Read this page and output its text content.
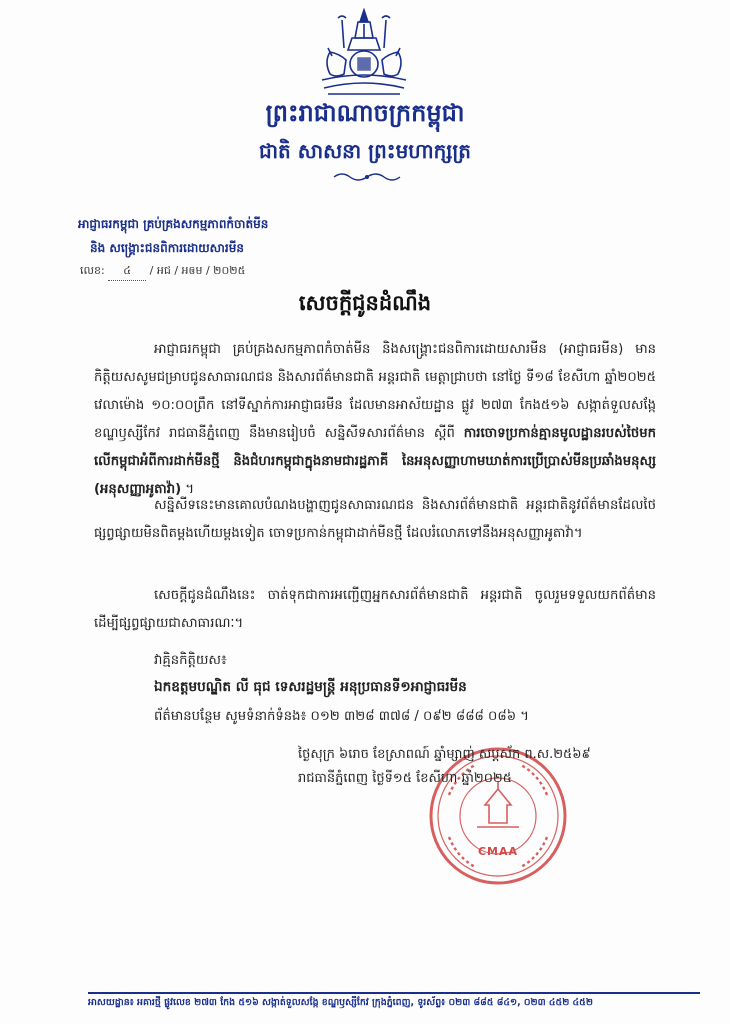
ព្រះរាជាណាចក្រកម្ពុជា
ជាតិ សាសនា ព្រះមហាក្សត្រ
អាជ្ញាធរកម្ពុជា គ្រប់គ្រងសកម្មភាពកំចាត់មីន
និង សង្គ្រោះជនពិការដោយសារមីន
លេខ: ៤ / អជ / អឲម / ២០២៥
សេចក្តីជូនដំណឹង
អាជ្ញាធរកម្ពុជា គ្រប់គ្រងសកម្មភាពកំចាត់មីន និងសង្គ្រោះជនពិការដោយសារមីន (អាជ្ញាធរមីន) មានកិត្តិយសសូមជម្រាបជូនសាធារណជន និងសារព័ត៌មានជាតិ អន្តរជាតិ មេត្តាជ្រាបថា នៅថ្ងៃ ទី១៨ ខែសីហា ឆ្នាំ២០២៥ វេលាម៉ោង ១០:០០ព្រឹក នៅទីស្នាក់ការអាជ្ញាធរមីន ដែលមានអាស័យដ្ឋាន ផ្លូវ ២៧៣ កែង៥១៦ សង្កាត់ទួលសង្កែ ខណ្ឌឫស្សីកែវ រាជធានីភ្នំពេញ នឹងមានរៀបចំ សន្និសីទសារព័ត៌មាន ស្តីពី ការចោទប្រកាន់គ្មានមូលដ្ឋានរបស់ថៃមកលើកម្ពុជាអំពីការដាក់មីនថ្មី និងជំហរកម្ពុជាក្នុងនាមជារដ្ឋភាគី នៃអនុសញ្ញាហាមឃាត់ការប្រើប្រាស់មីនប្រឆាំងមនុស្ស (អនុសញ្ញាអូតាវ៉ា) ។
សន្និសីទនេះមានគោលបំណងបង្ហាញជូនសាធារណជន និងសារព័ត៌មានជាតិ អន្តរជាតិនូវព័ត៌មានដែលថៃផ្សព្វផ្សាយមិនពិតម្តងហើយម្តងទៀត ចោទប្រកាន់កម្ពុជាដាក់មីនថ្មី ដែលរំលោភទៅនឹងអនុសញ្ញាអូតាវ៉ា។
សេចក្តីជូនដំណឹងនេះ ចាត់ទុកជាការអញ្ជើញអ្នកសារព័ត៌មានជាតិ អន្តរជាតិ ចូលរួមទទួលយកព័ត៌មាន ដើម្បីផ្សព្វផ្សាយជាសាធារណៈ។
វាគ្មិនកិត្តិយស៖
ឯកឧត្តមបណ្ឌិត លី ធុជ ទេសរដ្ឋមន្ត្រី អនុប្រធានទី១អាជ្ញាធរមីន
ព័ត៌មានបន្ថែម សូមទំនាក់ទំនង៖ ០១២ ៣២៨ ៣៧៨ / ០៩២ ៨៨៨ ០៨៦ ។
CMAA
ថ្ងៃសុក្រ ៦រោច ខែស្រាពណ៍ ឆ្នាំម្សាញ់ សប្តស័ក ព.ស.២៥៦៩
រាជធានីភ្នំពេញ ថ្ងៃទី១៥ ខែសីហា ឆ្នាំ២០២៥
អាសយដ្ឋាន៖ អគារថ្មី ផ្លូវលេខ ២៧៣ កែង ៥១៦ សង្កាត់ទួលសង្កែ ខណ្ឌឫស្សីកែវ ក្រុងភ្នំពេញ, ទូរស័ព្ទ៖ ០២៣ ៨៨៥ ៨៤១, ០២៣ ៤៥២ ៤៥២
